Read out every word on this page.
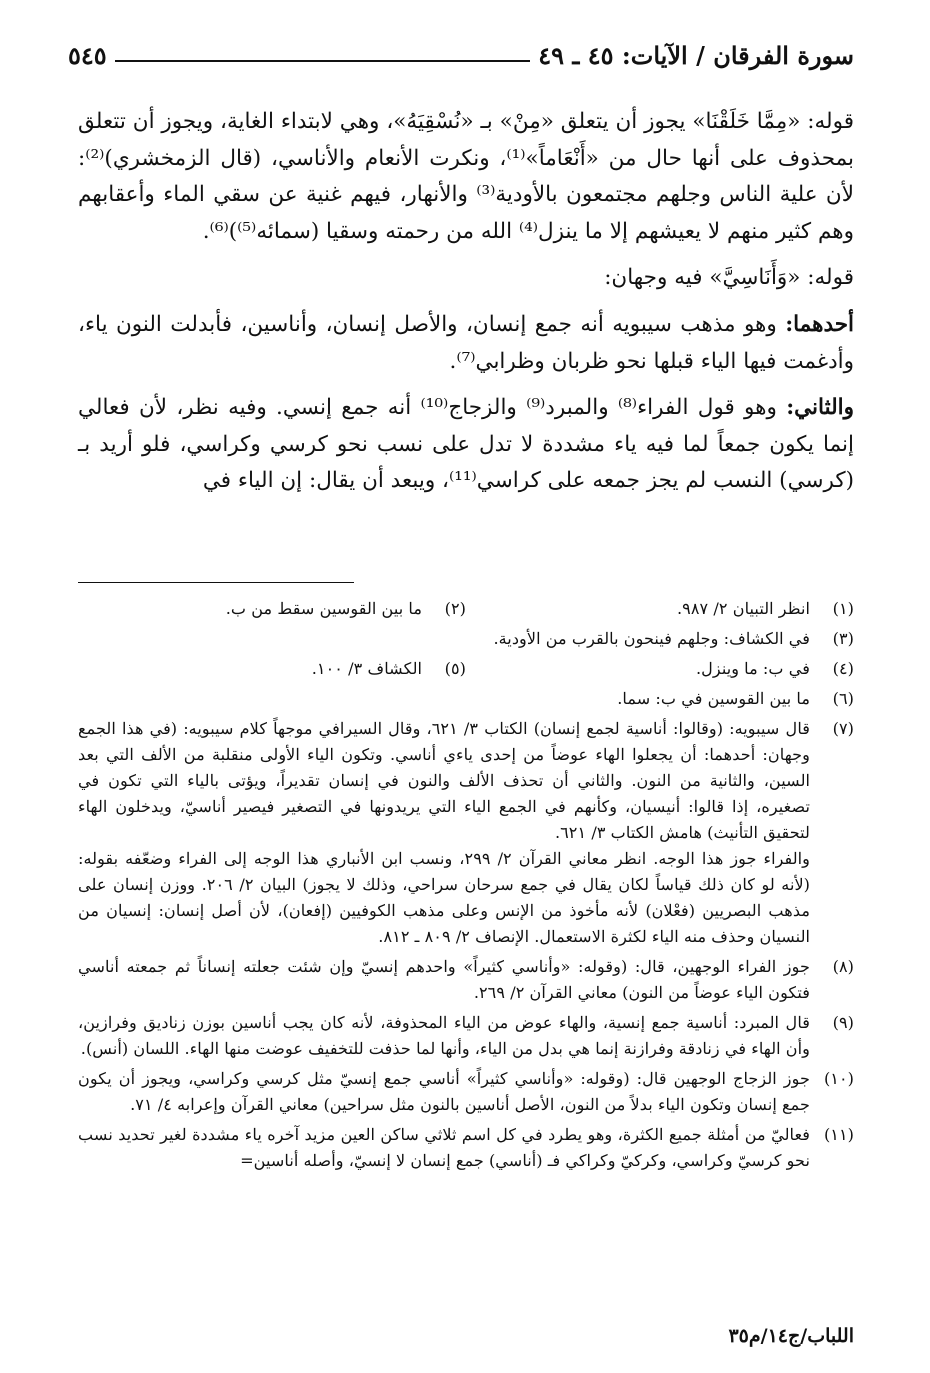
سورة الفرقان / الآيات: ٤٥ ـ ٤٩
٥٤٥

قوله: «مِمَّا خَلَقْنَا» يجوز أن يتعلق «مِنْ» بـ «نُسْقِيَهُ»، وهي لابتداء الغاية، ويجوز أن تتعلق بمحذوف على أنها حال من «أَنْعَاماً»⁽¹⁾، ونكرت الأنعام والأناسي، (قال الزمخشري)⁽²⁾: لأن علية الناس وجلهم مجتمعون بالأودية⁽³⁾ والأنهار، فيهم غنية عن سقي الماء وأعقابهم وهم كثير منهم لا يعيشهم إلا ما ينزل⁽⁴⁾ الله من رحمته وسقيا (سمائه⁽⁵⁾)⁽⁶⁾.

قوله: «وَأَنَاسِيَّ» فيه وجهان:

أحدهما: وهو مذهب سيبويه أنه جمع إنسان، والأصل إنسان، وأناسين، فأبدلت النون ياء، وأدغمت فيها الياء قبلها نحو ظربان وظرابي⁽⁷⁾.

والثاني: وهو قول الفراء⁽⁸⁾ والمبرد⁽⁹⁾ والزجاج⁽¹⁰⁾ أنه جمع إنسي. وفيه نظر، لأن فعالي إنما يكون جمعاً لما فيه ياء مشددة لا تدل على نسب نحو كرسي وكراسي، فلو أريد بـ (كرسي) النسب لم يجز جمعه على كراسي⁽¹¹⁾، ويبعد أن يقال: إن الياء في

(١)
انظر التبيان ٢/ ٩٨٧.
(٢)
ما بين القوسين سقط من ب.
(٣)
في الكشاف: وجلهم فينحون بالقرب من الأودية.
(٤)
في ب: ما وينزل.
(٥)
الكشاف ٣/ ١٠٠.
(٦)
ما بين القوسين في ب: سما.
(٧)
قال سيبويه: (وقالوا: أناسية لجمع إنسان) الكتاب ٣/ ٦٢١، وقال السيرافي موجهاً كلام سيبويه: (في هذا الجمع وجهان: أحدهما: أن يجعلوا الهاء عوضاً من إحدى ياءي أناسي. وتكون الياء الأولى منقلبة من الألف التي بعد السين، والثانية من النون. والثاني أن تحذف الألف والنون في إنسان تقديراً، ويؤتى بالياء التي تكون في تصغيره، إذا قالوا: أنيسيان، وكأنهم في الجمع الياء التي يريدونها في التصغير فيصير أناسيّ، ويدخلون الهاء لتحقيق التأنيث) هامش الكتاب ٣/ ٦٢١.
والفراء جوز هذا الوجه. انظر معاني القرآن ٢/ ٢٩٩، ونسب ابن الأنباري هذا الوجه إلى الفراء وضعّفه بقوله: (لأنه لو كان ذلك قياساً لكان يقال في جمع سرحان سراحي، وذلك لا يجوز) البيان ٢/ ٢٠٦. ووزن إنسان على مذهب البصريين (فعْلان) لأنه مأخوذ من الإنس وعلى مذهب الكوفيين (إفعان)، لأن أصل إنسان: إنسيان من النسيان وحذف منه الياء لكثرة الاستعمال. الإنصاف ٢/ ٨٠٩ ـ ٨١٢.
(٨)
جوز الفراء الوجهين، قال: (وقوله: «وأناسي كثيراً» واحدهم إنسيّ وإن شئت جعلته إنساناً ثم جمعته أناسي فتكون الياء عوضاً من النون) معاني القرآن ٢/ ٢٦٩.
(٩)
قال المبرد: أناسية جمع إنسية، والهاء عوض من الياء المحذوفة، لأنه كان يجب أناسين بوزن زناديق وفرازين، وأن الهاء في زنادقة وفرازنة إنما هي بدل من الياء، وأنها لما حذفت للتخفيف عوضت منها الهاء. اللسان (أنس).
(١٠)
جوز الزجاج الوجهين قال: (وقوله: «وأناسي كثيراً» أناسي جمع إنسيّ مثل كرسي وكراسي، ويجوز أن يكون جمع إنسان وتكون الياء بدلاً من النون، الأصل أناسين بالنون مثل سراحين) معاني القرآن وإعرابه ٤/ ٧١.
(١١)
فعاليّ من أمثلة جميع الكثرة، وهو يطرد في كل اسم ثلاثي ساكن العين مزيد آخره ياء مشددة لغير تحديد نسب نحو كرسيّ وكراسي، وكركيّ وكراكي فـ (أناسي) جمع إنسان لا إنسيّ، وأصله أناسين=
اللباب/ج١٤/م٣٥
